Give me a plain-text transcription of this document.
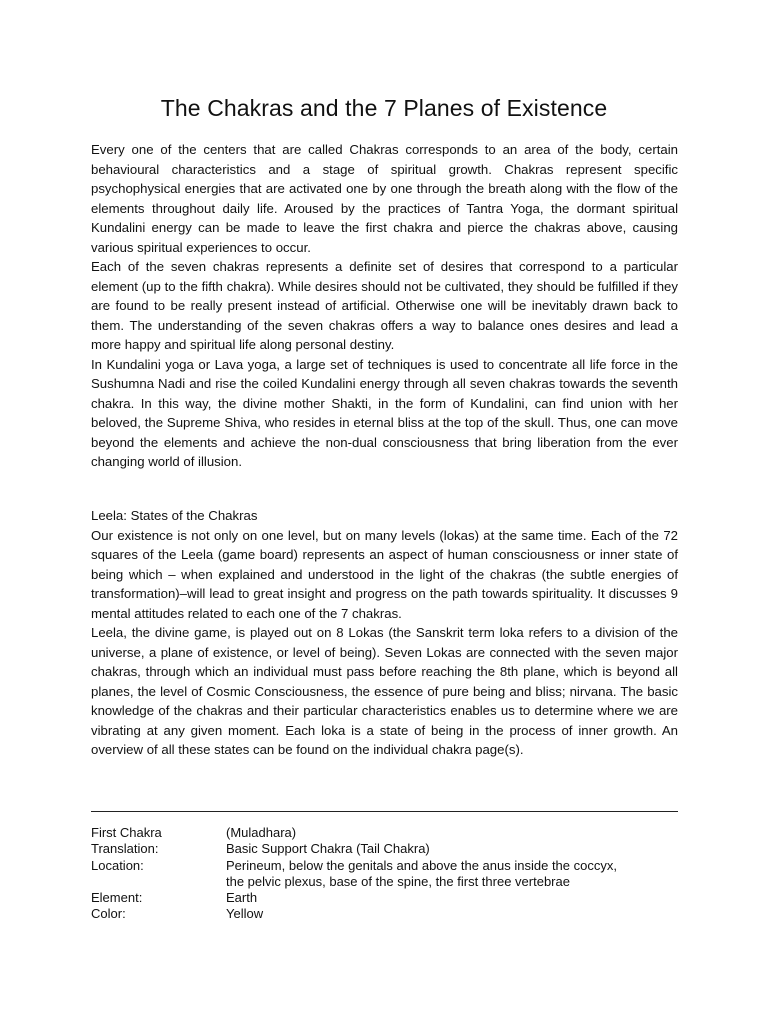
The Chakras and the 7 Planes of Existence

Every one of the centers that are called Chakras corresponds to an area of the body, certain behavioural characteristics and a stage of spiritual growth. Chakras represent specific psychophysical energies that are activated one by one through the breath along with the flow of the elements throughout daily life. Aroused by the practices of Tantra Yoga, the dormant spiritual Kundalini energy can be made to leave the first chakra and pierce the chakras above, causing various spiritual experiences to occur.

Each of the seven chakras represents a definite set of desires that correspond to a particular element (up to the fifth chakra). While desires should not be cultivated, they should be fulfilled if they are found to be really present instead of artificial. Otherwise one will be inevitably drawn back to them. The understanding of the seven chakras offers a way to balance ones desires and lead a more happy and spiritual life along personal destiny.

In Kundalini yoga or Lava yoga, a large set of techniques is used to concentrate all life force in the Sushumna Nadi and rise the coiled Kundalini energy through all seven chakras towards the seventh chakra. In this way, the divine mother Shakti, in the form of Kundalini, can find union with her beloved, the Supreme Shiva, who resides in eternal bliss at the top of the skull. Thus, one can move beyond the elements and achieve the non-dual consciousness that bring liberation from the ever changing world of illusion.

Leela: States of the Chakras

Our existence is not only on one level, but on many levels (lokas) at the same time. Each of the 72 squares of the Leela (game board) represents an aspect of human consciousness or inner state of being which – when explained and understood in the light of the chakras (the subtle energies of transformation)–will lead to great insight and progress on the path towards spirituality. It discusses 9 mental attitudes related to each one of the 7 chakras.

Leela, the divine game, is played out on 8 Lokas (the Sanskrit term loka refers to a division of the universe, a plane of existence, or level of being). Seven Lokas are connected with the seven major chakras, through which an individual must pass before reaching the 8th plane, which is beyond all planes, the level of Cosmic Consciousness, the essence of pure being and bliss; nirvana. The basic knowledge of the chakras and their particular characteristics enables us to determine where we are vibrating at any given moment. Each loka is a state of being in the process of inner growth. An overview of all these states can be found on the individual chakra page(s).

First Chakra	(Muladhara)
Translation:	Basic Support Chakra (Tail Chakra)
Location:	Perineum, below the genitals and above the anus inside the coccyx,
the pelvic plexus, base of the spine, the first three vertebrae
Element:	Earth
Color:	Yellow
